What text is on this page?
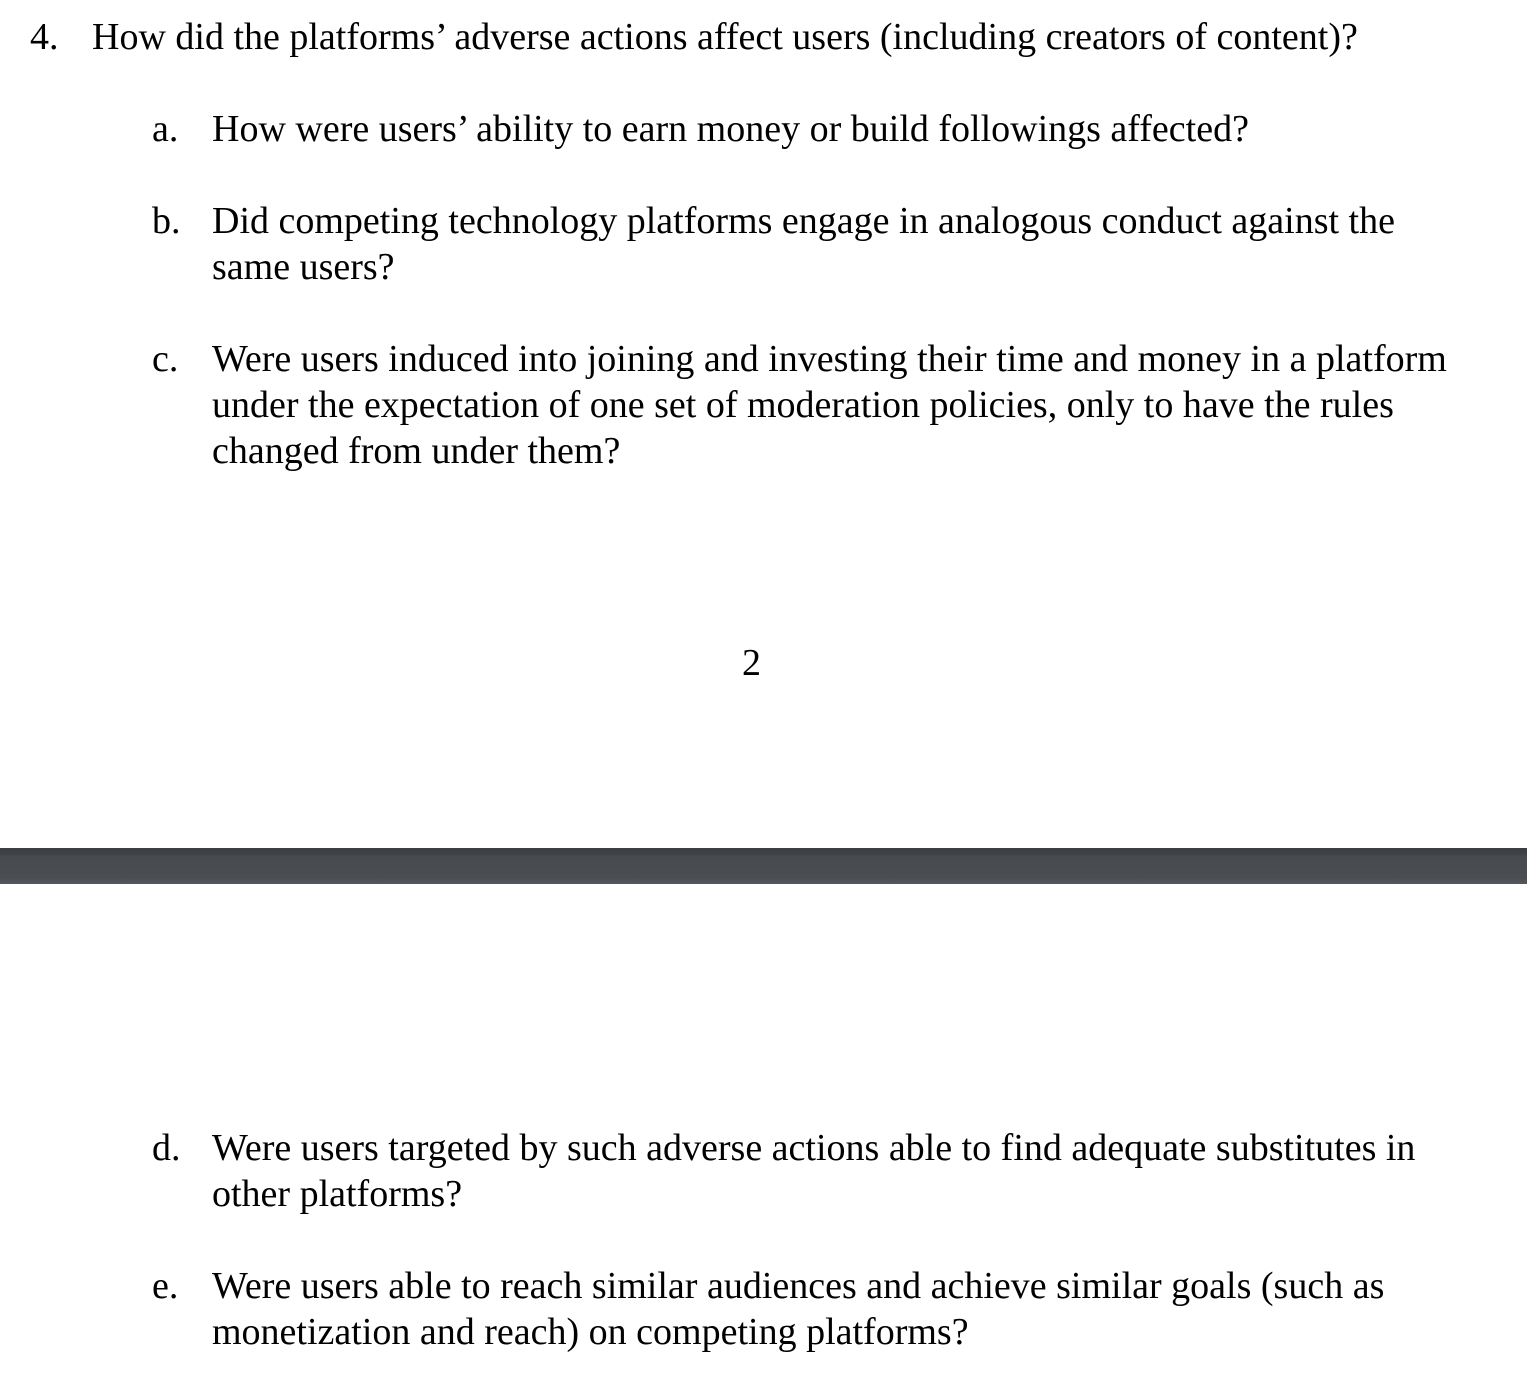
4. How did the platforms’ adverse actions affect users (including creators of content)?
a. How were users’ ability to earn money or build followings affected?
b. Did competing technology platforms engage in analogous conduct against the
same users?
c. Were users induced into joining and investing their time and money in a platform
under the expectation of one set of moderation policies, only to have the rules
changed from under them?
2
d. Were users targeted by such adverse actions able to find adequate substitutes in
other platforms?
e. Were users able to reach similar audiences and achieve similar goals (such as
monetization and reach) on competing platforms?
